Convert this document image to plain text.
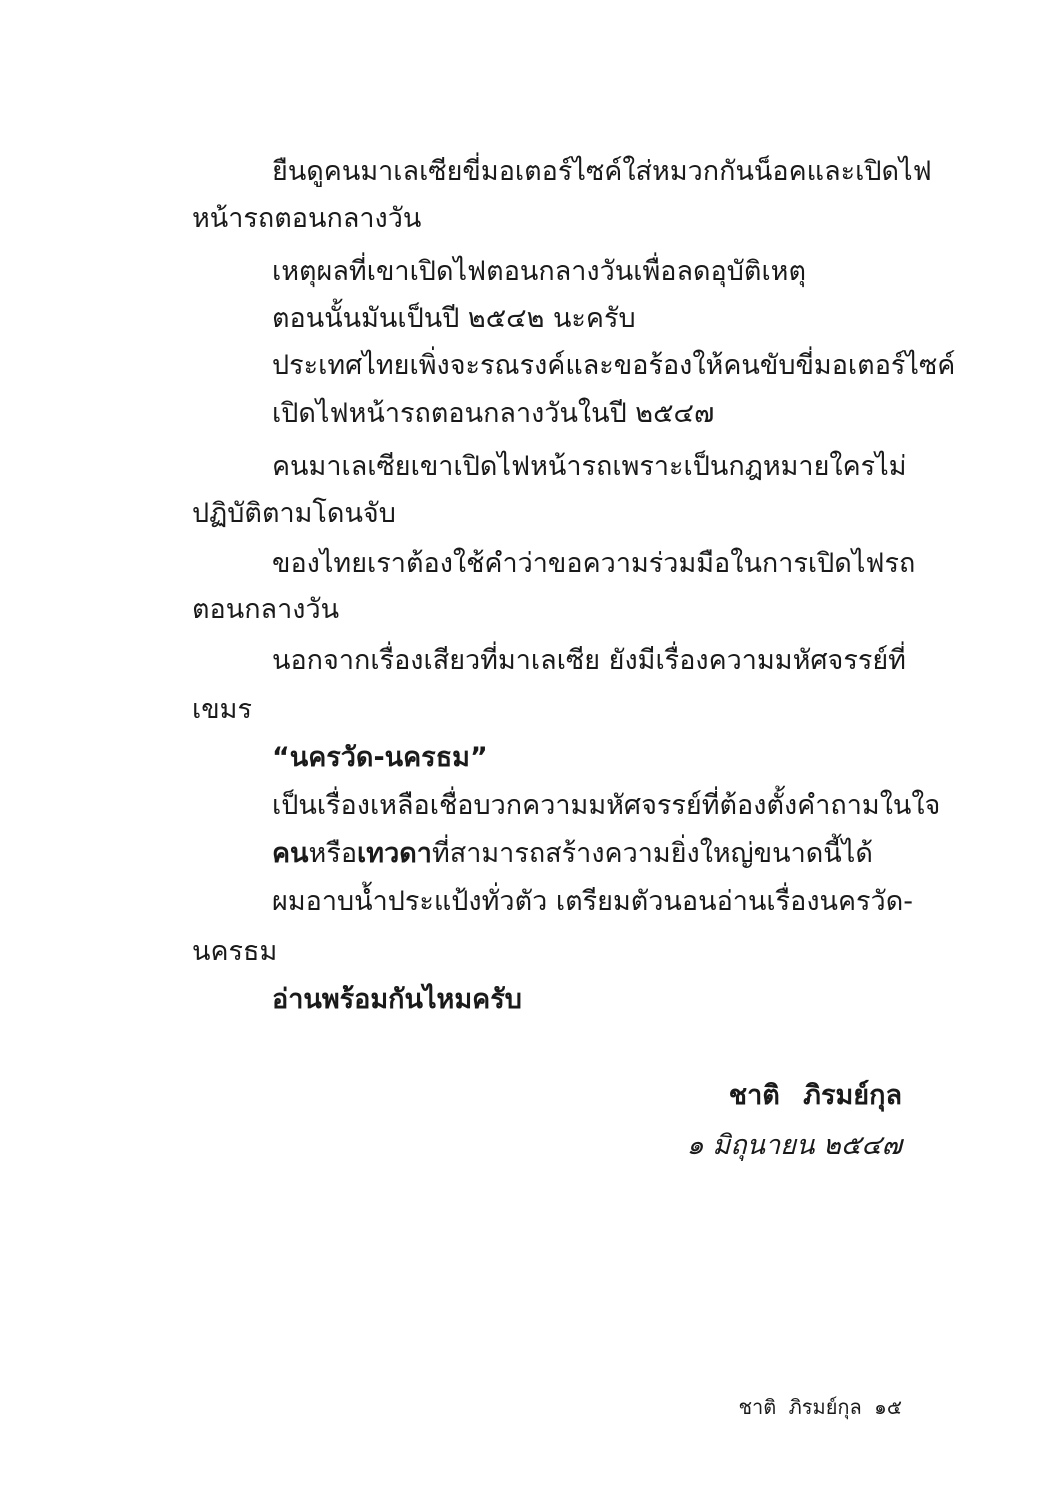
ยืนดูคนมาเลเซียขี่มอเตอร์ไซค์ใส่หมวกกันน็อคและเปิดไฟ
หน้ารถตอนกลางวัน
เหตุผลที่เขาเปิดไฟตอนกลางวันเพื่อลดอุบัติเหตุ
ตอนนั้นมันเป็นปี ๒๕๔๒ นะครับ
ประเทศไทยเพิ่งจะรณรงค์และขอร้องให้คนขับขี่มอเตอร์ไซค์
เปิดไฟหน้ารถตอนกลางวันในปี ๒๕๔๗
คนมาเลเซียเขาเปิดไฟหน้ารถเพราะเป็นกฎหมาย ใครไม่
ปฏิบัติตามโดนจับ
ของไทยเราต้องใช้คำว่าขอความร่วมมือในการเปิดไฟรถ
ตอนกลางวัน
นอกจากเรื่องเสียวที่มาเลเซีย ยังมีเรื่องความมหัศจรรย์ที่
เขมร
“นครวัด-นครธม”
เป็นเรื่องเหลือเชื่อบวกความมหัศจรรย์ที่ต้องตั้งคำถามในใจ
คนหรือเทวดาที่สามารถสร้างความยิ่งใหญ่ขนาดนี้ได้
ผมอาบน้ำประแป้งทั่วตัว เตรียมตัวนอนอ่านเรื่องนครวัด-
นครธม
อ่านพร้อมกันไหมครับ
ชาติ ภิรมย์กุล
๑ มิถุนายน ๒๕๔๗
ชาติ ภิรมย์กุล ๑๕
